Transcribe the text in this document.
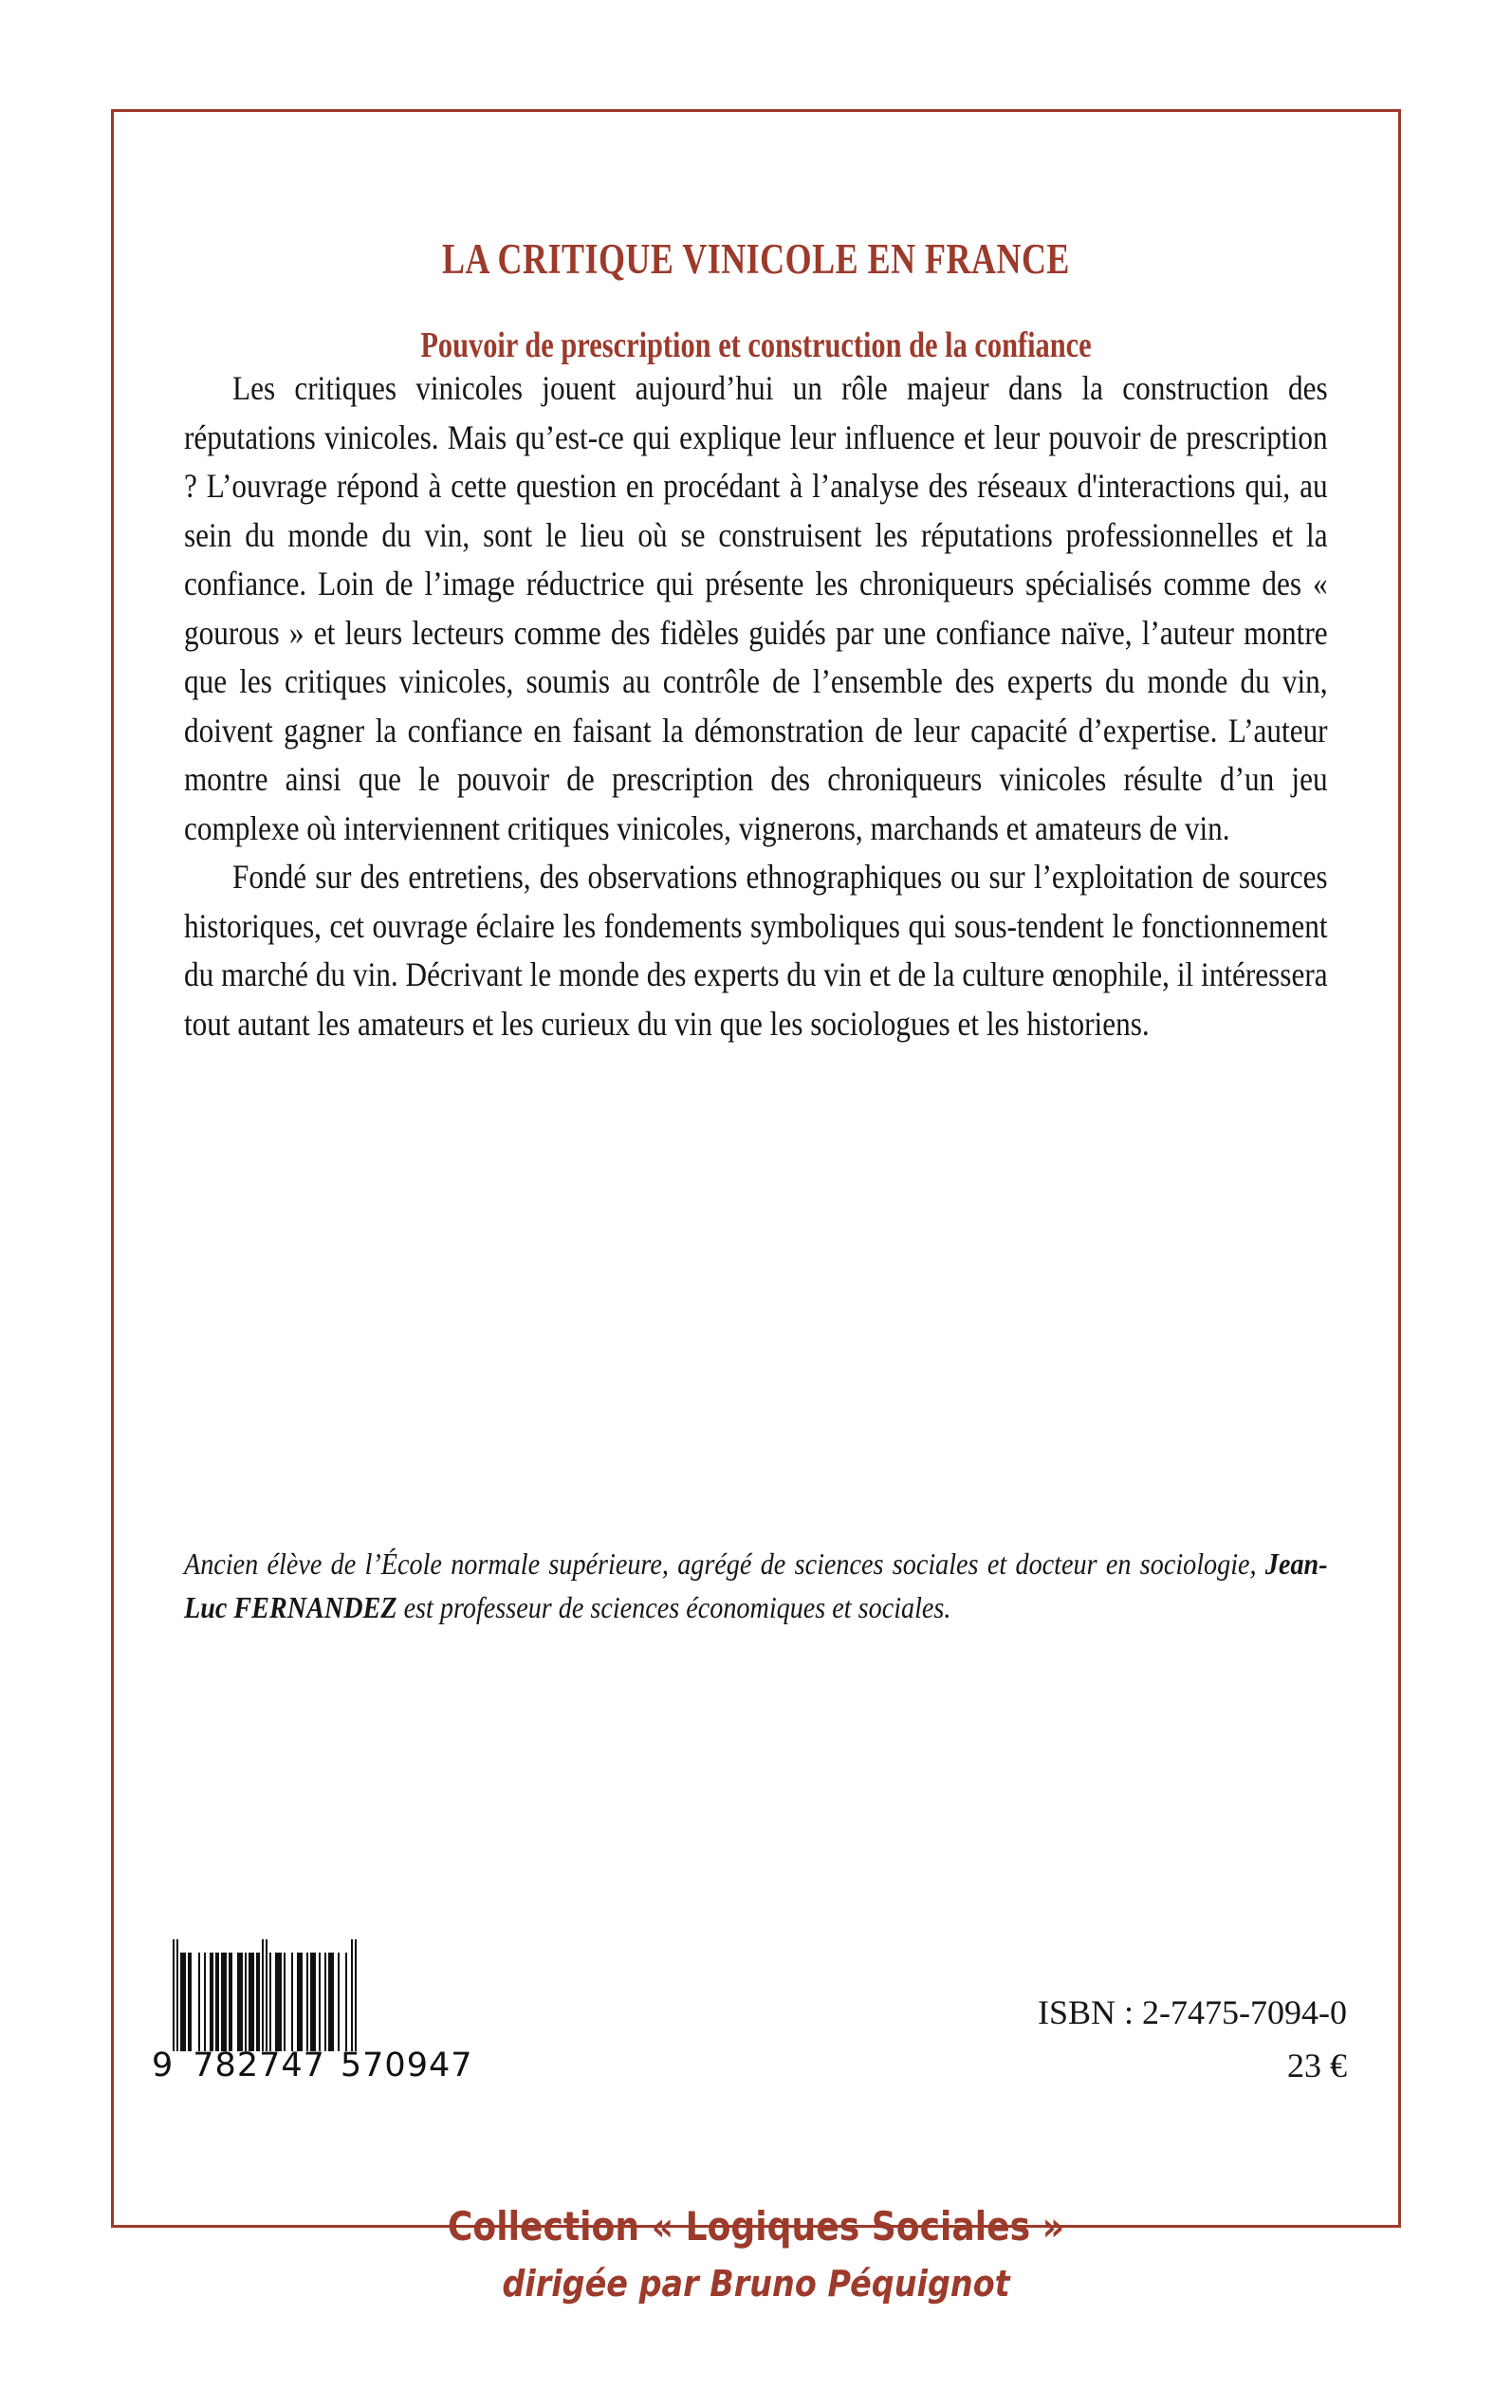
LA CRITIQUE VINICOLE EN FRANCE
Pouvoir de prescription et construction de la confiance

Les critiques vinicoles jouent aujourd’hui un rôle majeur dans la construction des réputations vinicoles. Mais qu’est-ce qui explique leur influence et leur pouvoir de prescription ? L’ouvrage répond à cette question en procédant à l’analyse des réseaux d'interactions qui, au sein du monde du vin, sont le lieu où se construisent les réputations professionnelles et la confiance. Loin de l’image réductrice qui présente les chroniqueurs spécialisés comme des « gourous » et leurs lecteurs comme des fidèles guidés par une confiance naïve, l’auteur montre que les critiques vinicoles, soumis au contrôle de l’ensemble des experts du monde du vin, doivent gagner la confiance en faisant la démonstration de leur capacité d’expertise. L’auteur montre ainsi que le pouvoir de prescription des chroniqueurs vinicoles résulte d’un jeu complexe où interviennent critiques vinicoles, vignerons, marchands et amateurs de vin.

Fondé sur des entretiens, des observations ethnographiques ou sur l’exploitation de sources historiques, cet ouvrage éclaire les fondements symboliques qui sous-tendent le fonctionnement du marché du vin. Décrivant le monde des experts du vin et de la culture œnophile, il intéressera tout autant les amateurs et les curieux du vin que les sociologues et les historiens.

Ancien élève de l’École normale supérieure, agrégé de sciences sociales et docteur en sociologie, Jean-Luc FERNANDEZ est professeur de sciences économiques et sociales.

9 782747 570947
ISBN : 2-7475-7094-0
23 €
Collection « Logiques Sociales »
dirigée par Bruno Péquignot
